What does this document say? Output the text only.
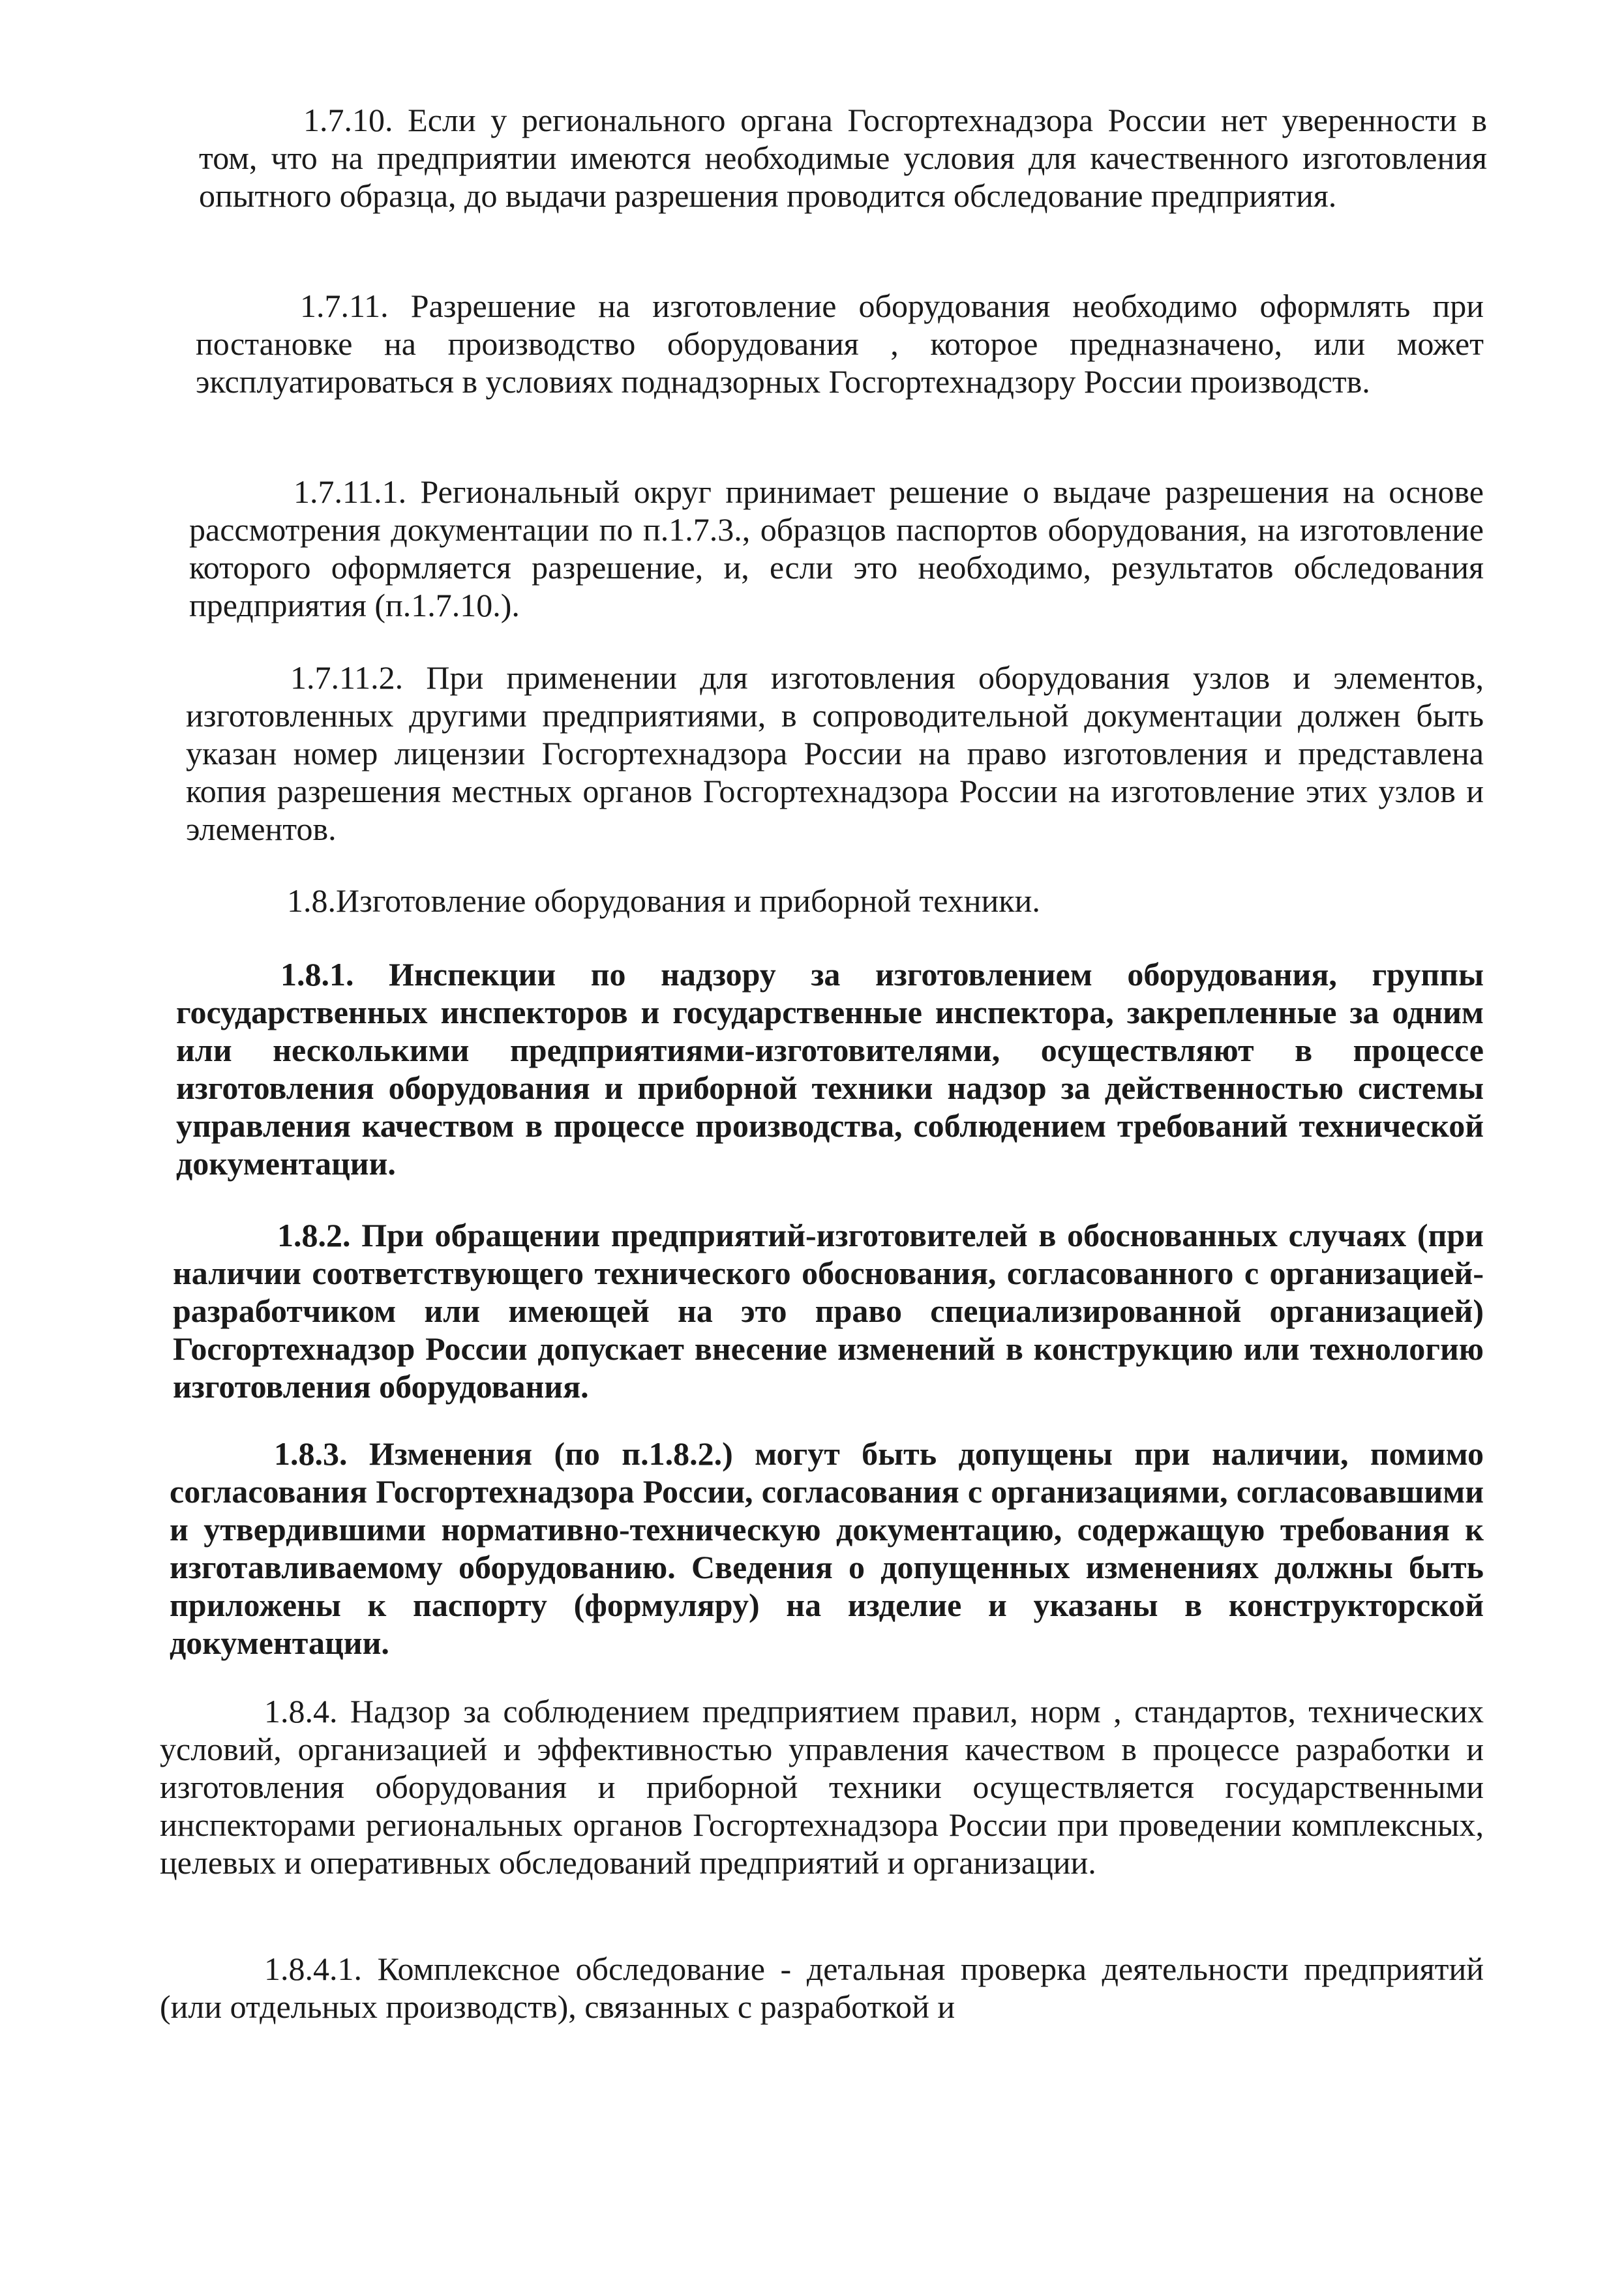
1.7.10. Если у регионального органа Госгортехнадзора России нет уверенности в том, что на предприятии имеются необходимые условия для качественного изготовления опытного образца, до выдачи разрешения проводится обследование предприятия.

1.7.11. Разрешение на изготовление оборудования необходимо оформлять при постановке на производство оборудования , которое предназначено, или может эксплуатироваться в условиях поднадзорных Госгортехнадзору России производств.

1.7.11.1. Региональный округ принимает решение о выдаче разрешения на основе рассмотрения документации по п.1.7.3., образцов паспортов оборудования, на изготовление которого оформляется разрешение, и, если это необходимо, результатов обследования предприятия (п.1.7.10.).

1.7.11.2. При применении для изготовления оборудования узлов и элементов, изготовленных другими предприятиями, в сопроводительной документации должен быть указан номер лицензии Госгортехнадзора России на право изготовления и представлена копия разрешения местных органов Госгортехнадзора России на изготовление этих узлов и элементов.

1.8.Изготовление оборудования и приборной техники.

1.8.1. Инспекции по надзору за изготовлением оборудования, группы государственных инспекторов и государственные инспектора, закрепленные за одним или несколькими предприятиями-изготовителями, осуществляют в процессе изготовления оборудования и приборной техники надзор за действенностью системы управления качеством в процессе производства, соблюдением требований технической документации.

1.8.2. При обращении предприятий-изготовителей в обоснованных случаях (при наличии соответствующего технического обоснования, согласованного с организацией-разработчиком или имеющей на это право специализированной организацией) Госгортехнадзор России допускает внесение изменений в конструкцию или технологию изготовления оборудования.

1.8.3. Изменения (по п.1.8.2.) могут быть допущены при наличии, помимо согласования Госгортехнадзора России, согласования с организациями, согласовавшими и утвердившими нормативно-техническую документацию, содержащую требования к изготавливаемому оборудованию. Сведения о допущенных изменениях должны быть приложены к паспорту (формуляру) на изделие и указаны в конструкторской документации.

1.8.4. Надзор за соблюдением предприятием правил, норм , стандартов, технических условий, организацией и эффективностью управления качеством в процессе разработки и изготовления оборудования и приборной техники осуществляется государственными инспекторами региональных органов Госгортехнадзора России при проведении комплексных, целевых и оперативных обследований предприятий и организации.

1.8.4.1. Комплексное обследование - детальная проверка деятельности предприятий (или отдельных производств), связанных с разработкой и
